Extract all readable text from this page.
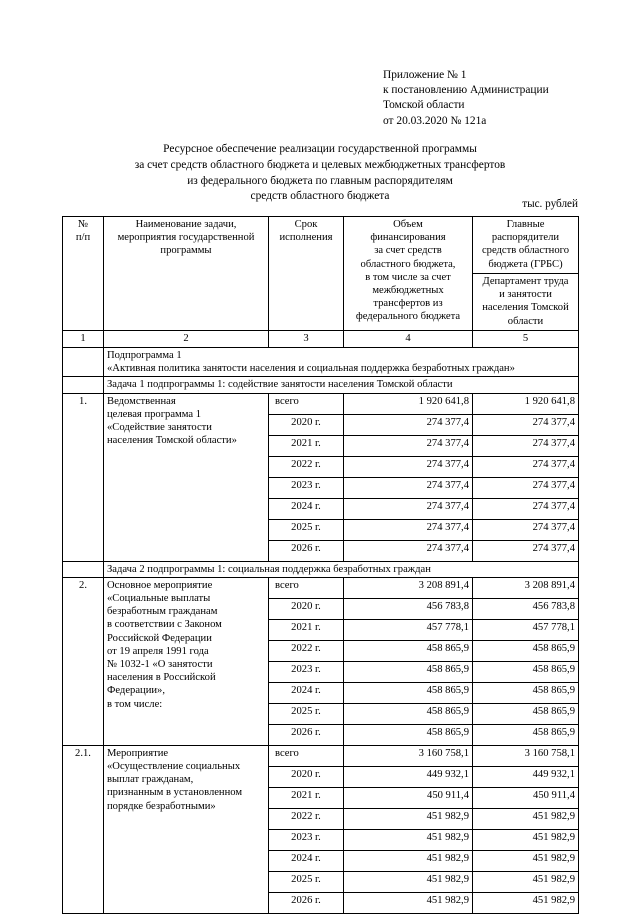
Приложение № 1
к постановлению Администрации
Томской области
от 20.03.2020 № 121а
Ресурсное обеспечение реализации государственной программы
за счет средств областного бюджета и целевых межбюджетных трансфертов
из федерального бюджета по главным распорядителям
средств областного бюджета
тыс. рублей
№
п/п	Наименование задачи,
мероприятия государственной
программы	Срок
исполнения	Объем
финансирования
за счет средств
областного бюджета,
в том числе за счет
межбюджетных
трансфертов из
федерального бюджета	Главные
распорядители
средств областного
бюджета (ГРБС)
				Департамент труда
и занятости
населения Томской
области
1	2	3	4	5
	Подпрограмма 1
«Активная политика занятости населения и социальная поддержка безработных граждан»			
	Задача 1 подпрограммы 1: содействие занятости населения Томской области			
1.	Ведомственная
целевая программа 1
«Содействие занятости
населения Томской области»	всего	1 920 641,8	1 920 641,8
		2020 г.	274 377,4	274 377,4
		2021 г.	274 377,4	274 377,4
		2022 г.	274 377,4	274 377,4
		2023 г.	274 377,4	274 377,4
		2024 г.	274 377,4	274 377,4
		2025 г.	274 377,4	274 377,4
		2026 г.	274 377,4	274 377,4
	Задача 2 подпрограммы 1: социальная поддержка безработных граждан			
2.	Основное мероприятие
«Социальные выплаты
безработным гражданам
в соответствии с Законом
Российской Федерации
от 19 апреля 1991 года
№ 1032-1 «О занятости
населения в Российской
Федерации»,
в том числе:	всего	3 208 891,4	3 208 891,4
		2020 г.	456 783,8	456 783,8
		2021 г.	457 778,1	457 778,1
		2022 г.	458 865,9	458 865,9
		2023 г.	458 865,9	458 865,9
		2024 г.	458 865,9	458 865,9
		2025 г.	458 865,9	458 865,9
		2026 г.	458 865,9	458 865,9
2.1.	Мероприятие
«Осуществление социальных
выплат гражданам,
признанным в установленном
порядке безработными»	всего	3 160 758,1	3 160 758,1
		2020 г.	449 932,1	449 932,1
		2021 г.	450 911,4	450 911,4
		2022 г.	451 982,9	451 982,9
		2023 г.	451 982,9	451 982,9
		2024 г.	451 982,9	451 982,9
		2025 г.	451 982,9	451 982,9
		2026 г.	451 982,9	451 982,9
